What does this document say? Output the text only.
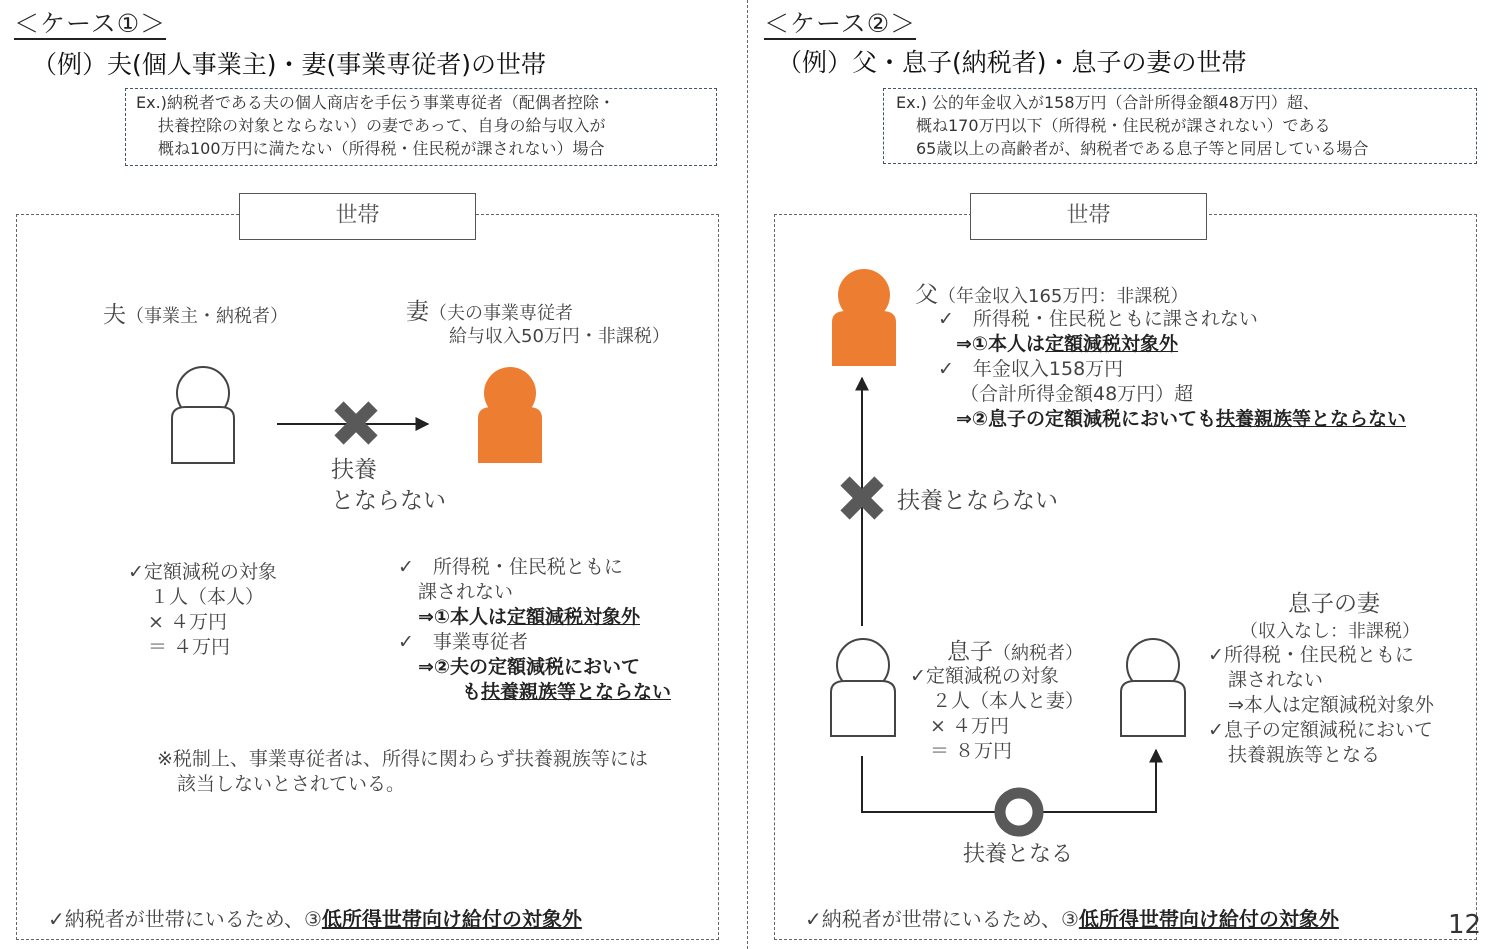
＜ケース①＞
（例）夫(個人事業主)・妻(事業専従者)の世帯
Ex.)納税者である夫の個人商店を手伝う事業専従者（配偶者控除・
扶養控除の対象とならない）の妻であって、自身の給与収入が
概ね100万円に満たない（所得税・住民税が課されない）場合
世帯
夫（事業主・納税者）	妻（夫の事業専従者
給与収入50万円・非課税）
扶養
とならない
✓定額減税の対象
１人（本人）
× ４万円
＝ ４万円
✓　所得税・住民税ともに
課されない
⇒①本人は定額減税対象外
✓　事業専従者
⇒②夫の定額減税において
も扶養親族等とならない
※税制上、事業専従者は、所得に関わらず扶養親族等には
該当しないとされている。
✓納税者が世帯にいるため、③低所得世帯向け給付の対象外
＜ケース②＞
（例）父・息子(納税者)・息子の妻の世帯
Ex.) 公的年金収入が158万円（合計所得金額48万円）超、
概ね170万円以下（所得税・住民税が課されない）である
65歳以上の高齢者が、納税者である息子等と同居している場合
世帯
父（年金収入165万円：非課税）
✓　所得税・住民税ともに課されない
⇒①本人は定額減税対象外
✓　年金収入158万円
（合計所得金額48万円）超
⇒②息子の定額減税においても扶養親族等とならない
扶養とならない
息子（納税者）
✓定額減税の対象
２人（本人と妻）
× ４万円
＝ ８万円
息子の妻
（収入なし：非課税）
✓所得税・住民税ともに
課されない
⇒本人は定額減税対象外
✓息子の定額減税において
扶養親族等となる
扶養となる
✓納税者が世帯にいるため、③低所得世帯向け給付の対象外	12
